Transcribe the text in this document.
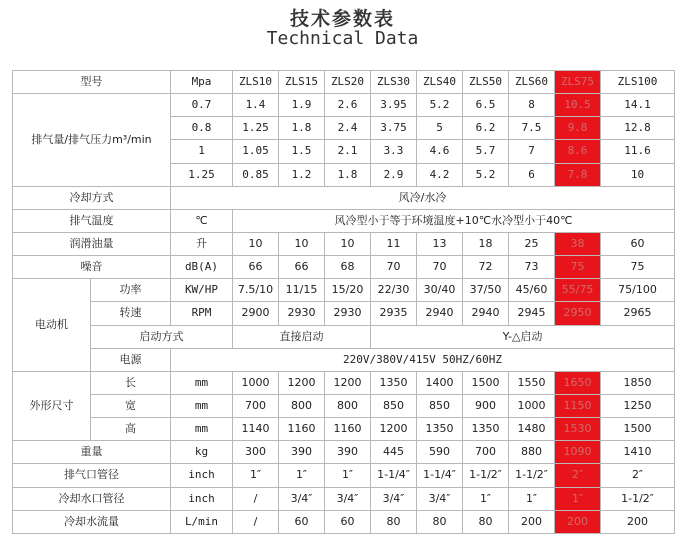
技术参数表
Technical Data
型号		Mpa	ZLS10	ZLS15	ZLS20	ZLS30	ZLS40	ZLS50	ZLS60	ZLS75	ZLS100
排气量/排气压力m³/min		0.7	1.4	1.9	2.6	3.95	5.2	6.5	8	10.5	14.1
		0.8	1.25	1.8	2.4	3.75	5	6.2	7.5	9.8	12.8
		1	1.05	1.5	2.1	3.3	4.6	5.7	7	8.6	11.6
		1.25	0.85	1.2	1.8	2.9	4.2	5.2	6	7.8	10
冷却方式		风冷/水冷									
排气温度		℃	风冷型小于等于环境温度+10℃水冷型小于40℃								
润滑油量		升	10	10	10	11	13	18	25	38	60
噪音		dB(A)	66	66	68	70	70	72	73	75	75
电动机	功率	KW/HP	7.5/10	11/15	15/20	22/30	30/40	37/50	45/60	55/75	75/100
	转速	RPM	2900	2930	2930	2935	2940	2940	2945	2950	2965
	启动方式		直接启动			Y-△启动					
	电源	220V/380V/415V 50HZ/60HZ									
外形尺寸	长	mm	1000	1200	1200	1350	1400	1500	1550	1650	1850
	宽	mm	700	800	800	850	850	900	1000	1150	1250
	高	mm	1140	1160	1160	1200	1350	1350	1480	1530	1500
重量		kg	300	390	390	445	590	700	880	1090	1410
排气口管径		inch	1″	1″	1″	1-1/4″	1-1/4″	1-1/2″	1-1/2″	2″	2″
冷却水口管径		inch	/	3/4″	3/4″	3/4″	3/4″	1″	1″	1″	1-1/2″
冷却水流量		L/min	/	60	60	80	80	80	200	200	200
